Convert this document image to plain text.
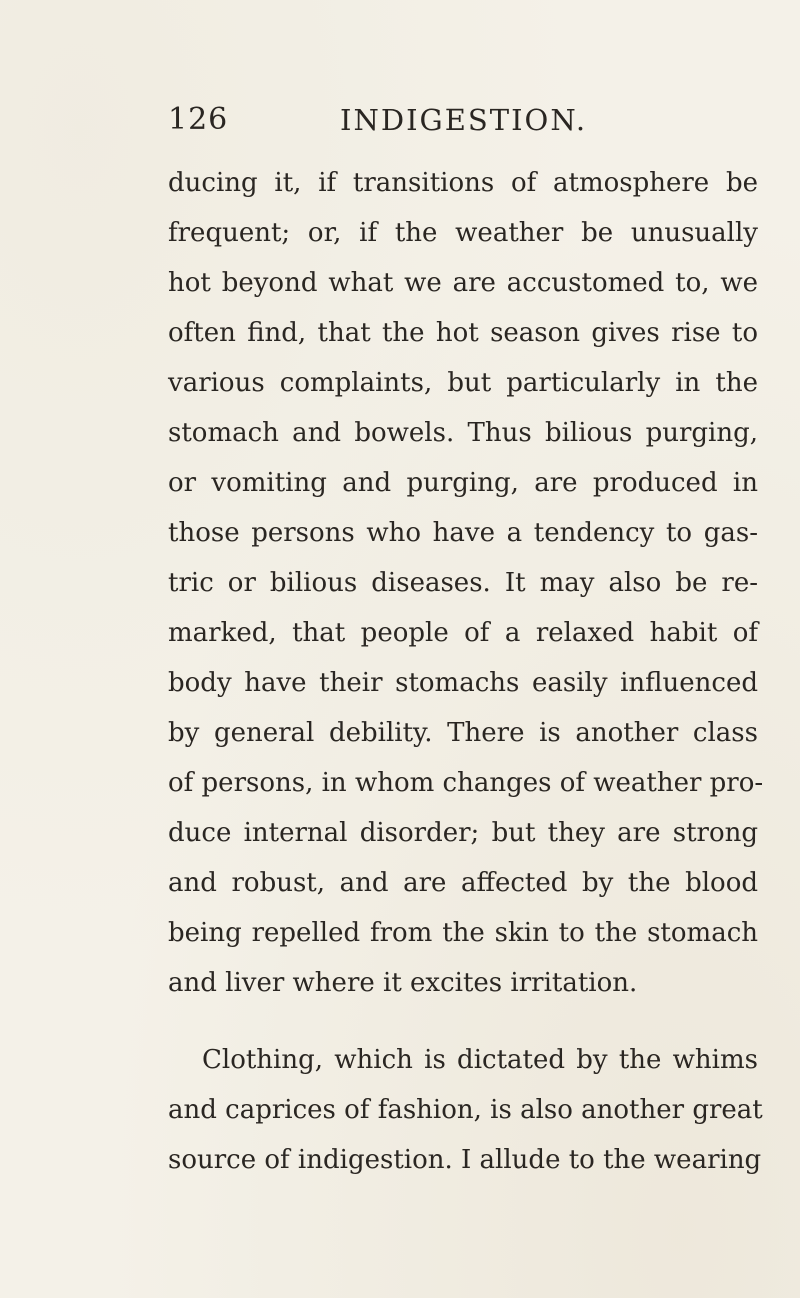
126	INDIGESTION.
ducing it, if transitions of atmosphere be
frequent; or, if the weather be unusually
hot beyond what we are accustomed to, we
often find, that the hot season gives rise to
various complaints, but particularly in the
stomach and bowels. Thus bilious purging,
or vomiting and purging, are produced in
those persons who have a tendency to gas-
tric or bilious diseases. It may also be re-
marked, that people of a relaxed habit of
body have their stomachs easily influenced
by general debility. There is another class
of persons, in whom changes of weather pro-
duce internal disorder; but they are strong
and robust, and are affected by the blood
being repelled from the skin to the stomach
and liver where it excites irritation.
Clothing, which is dictated by the whims
and caprices of fashion, is also another great
source of indigestion. I allude to the wearing
